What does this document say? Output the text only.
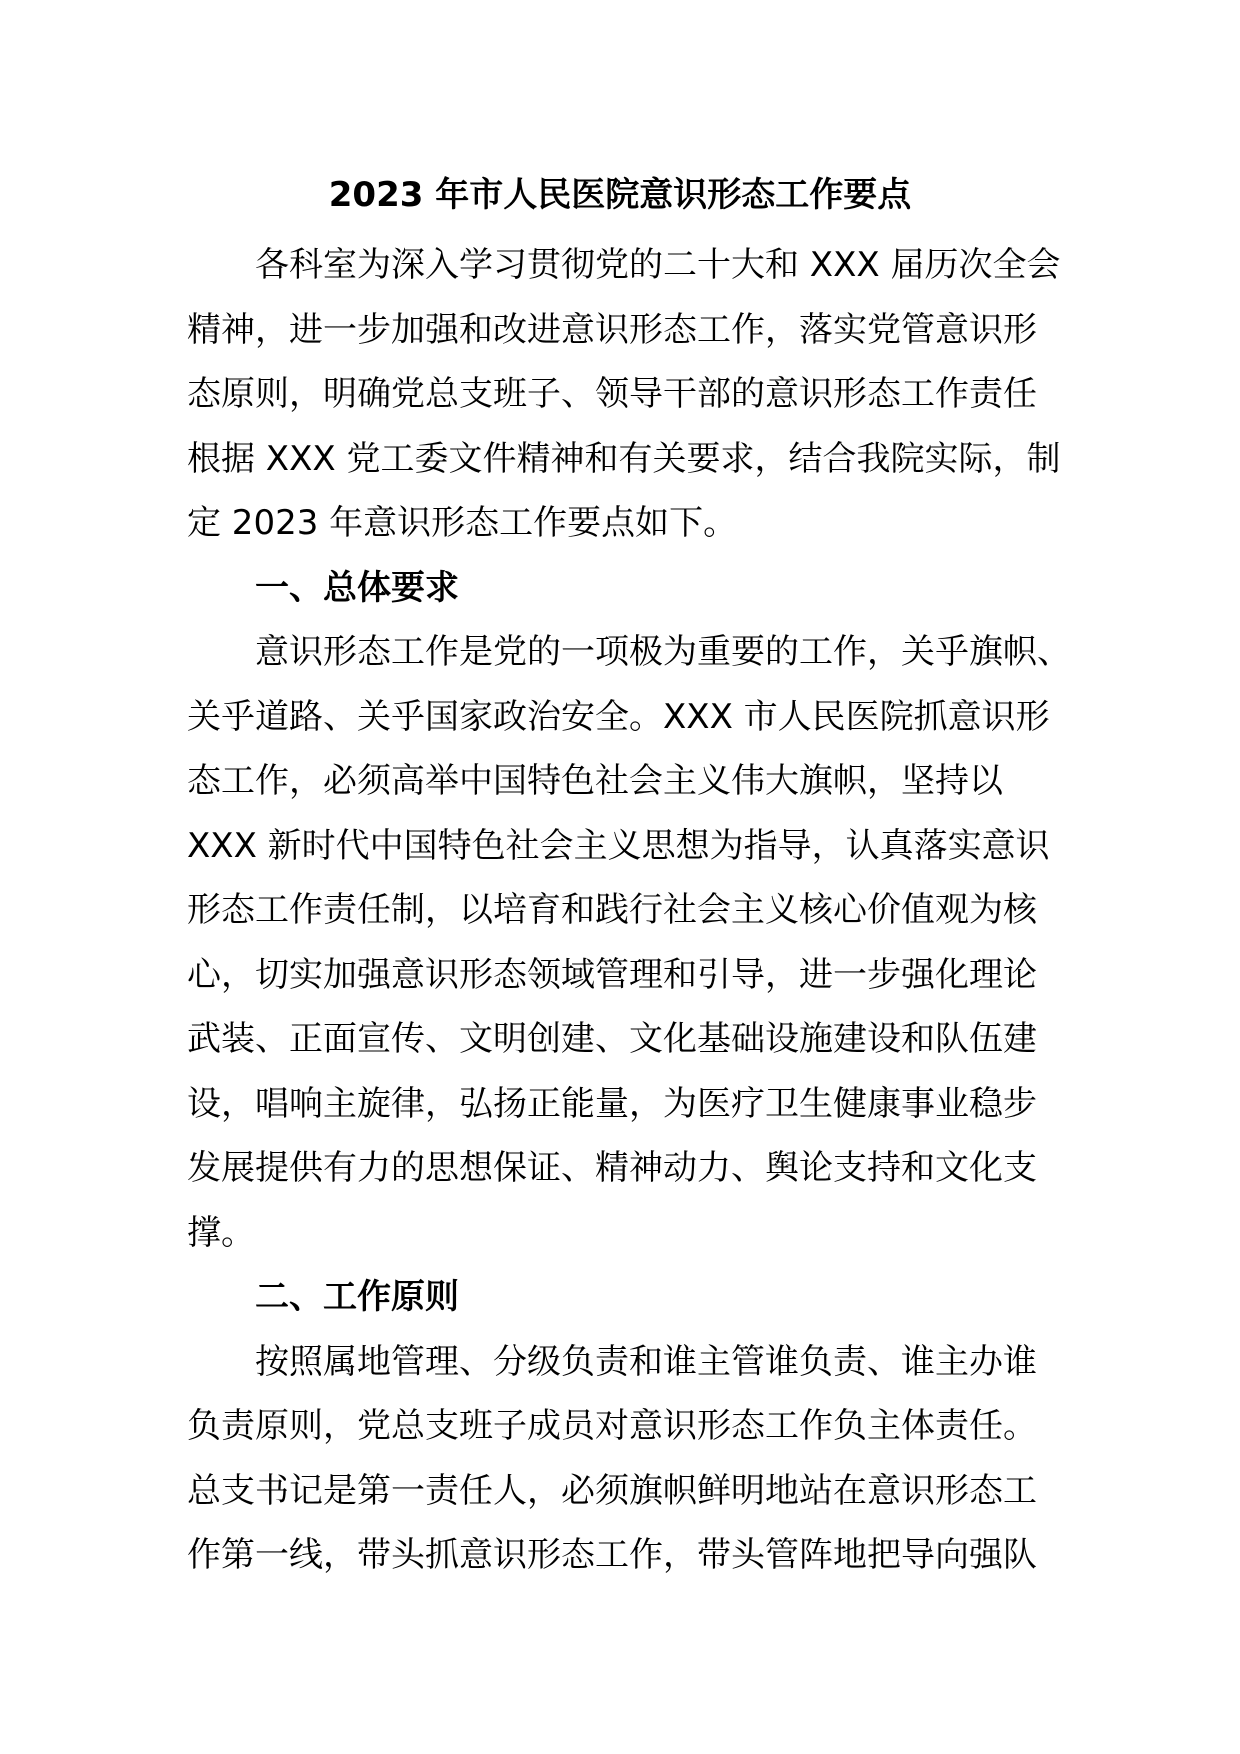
2023 年市人民医院意识形态工作要点
各科室为深入学习贯彻党的二十大和 XXX 届历次全会
精神，进一步加强和改进意识形态工作，落实党管意识形
态原则，明确党总支班子、领导干部的意识形态工作责任
根据 XXX 党工委文件精神和有关要求，结合我院实际，制
定 2023 年意识形态工作要点如下。
一、总体要求
意识形态工作是党的一项极为重要的工作，关乎旗帜、
关乎道路、关乎国家政治安全。XXX 市人民医院抓意识形
态工作，必须高举中国特色社会主义伟大旗帜，坚持以
XXX 新时代中国特色社会主义思想为指导，认真落实意识
形态工作责任制，以培育和践行社会主义核心价值观为核
心，切实加强意识形态领域管理和引导，进一步强化理论
武装、正面宣传、文明创建、文化基础设施建设和队伍建
设，唱响主旋律，弘扬正能量，为医疗卫生健康事业稳步
发展提供有力的思想保证、精神动力、舆论支持和文化支
撑。
二、工作原则
按照属地管理、分级负责和谁主管谁负责、谁主办谁
负责原则，党总支班子成员对意识形态工作负主体责任。
总支书记是第一责任人，必须旗帜鲜明地站在意识形态工
作第一线，带头抓意识形态工作，带头管阵地把导向强队
